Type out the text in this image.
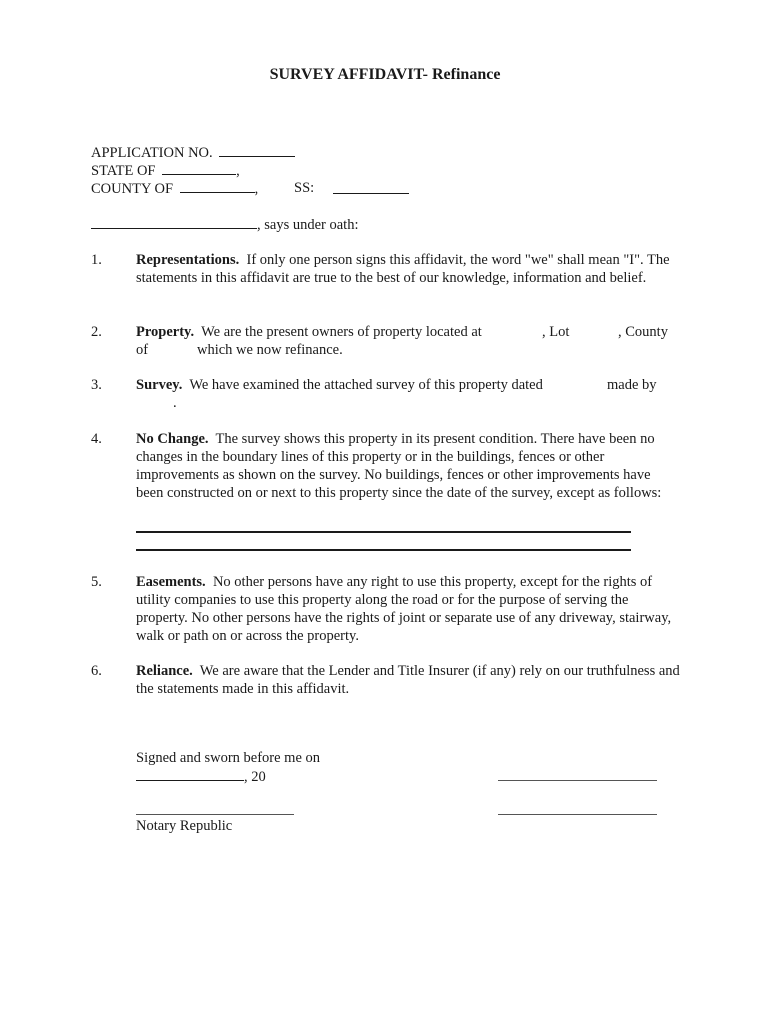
SURVEY AFFIDAVIT- Refinance
APPLICATION NO.
STATE OF	,
COUNTY OF	, SS:
, says under oath:
1. Representations. If only one person signs this affidavit, the word "we" shall mean "I". The statements in this affidavit are true to the best of our knowledge, information and belief.
2. Property. We are the present owners of property located at	, Lot	, County
of	which we now refinance.
3. Survey. We have examined the attached survey of this property dated	made by
.
4. No Change. The survey shows this property in its present condition. There have been no changes in the boundary lines of this property or in the buildings, fences or other improvements as shown on the survey. No buildings, fences or other improvements have been constructed on or next to this property since the date of the survey, except as follows:
5. Easements. No other persons have any right to use this property, except for the rights of utility companies to use this property along the road or for the purpose of serving the property. No other persons have the rights of joint or separate use of any driveway, stairway, walk or path on or across the property.
6. Reliance. We are aware that the Lender and Title Insurer (if any) rely on our truthfulness and the statements made in this affidavit.
Signed and sworn before me on
, 20
Notary Republic
